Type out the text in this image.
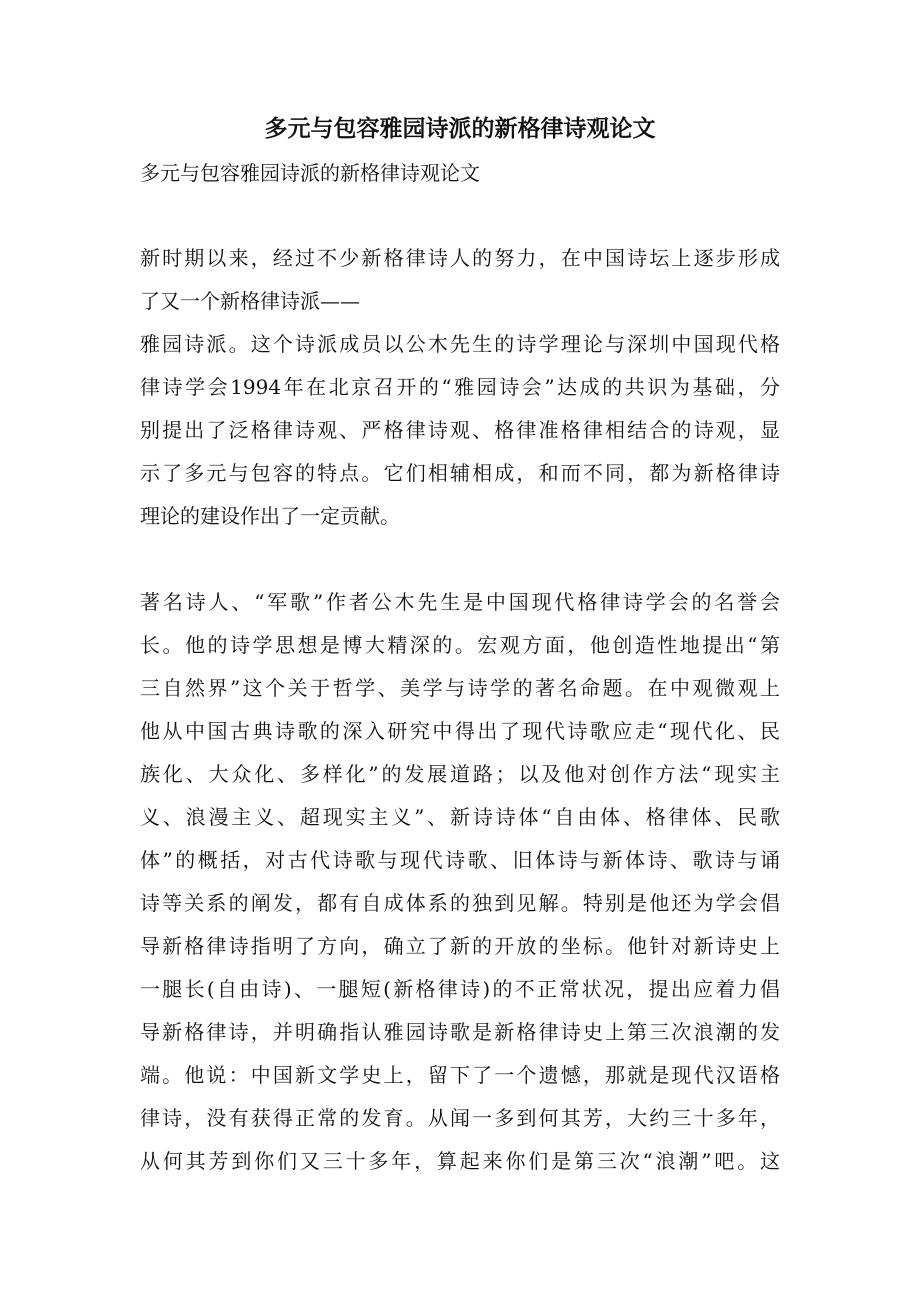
多元与包容雅园诗派的新格律诗观论文
多元与包容雅园诗派的新格律诗观论文
新时期以来，经过不少新格律诗人的努力，在中国诗坛上逐步形成
了又一个新格律诗派——
雅园诗派。这个诗派成员以公木先生的诗学理论与深圳中国现代格
律诗学会1994年在北京召开的“雅园诗会”达成的共识为基础，分
别提出了泛格律诗观、严格律诗观、格律准格律相结合的诗观，显
示了多元与包容的特点。它们相辅相成，和而不同，都为新格律诗
理论的建设作出了一定贡献。
著名诗人、“军歌”作者公木先生是中国现代格律诗学会的名誉会
长。他的诗学思想是博大精深的。宏观方面，他创造性地提出“第
三自然界”这个关于哲学、美学与诗学的著名命题。在中观微观上
他从中国古典诗歌的深入研究中得出了现代诗歌应走“现代化、民
族化、大众化、多样化”的发展道路；以及他对创作方法“现实主
义、浪漫主义、超现实主义”、新诗诗体“自由体、格律体、民歌
体”的概括，对古代诗歌与现代诗歌、旧体诗与新体诗、歌诗与诵
诗等关系的阐发，都有自成体系的独到见解。特别是他还为学会倡
导新格律诗指明了方向，确立了新的开放的坐标。他针对新诗史上
一腿长(自由诗)、一腿短(新格律诗)的不正常状况，提出应着力倡
导新格律诗，并明确指认雅园诗歌是新格律诗史上第三次浪潮的发
端。他说：中国新文学史上，留下了一个遗憾，那就是现代汉语格
律诗，没有获得正常的发育。从闻一多到何其芳，大约三十多年，
从何其芳到你们又三十多年，算起来你们是第三次“浪潮”吧。这
